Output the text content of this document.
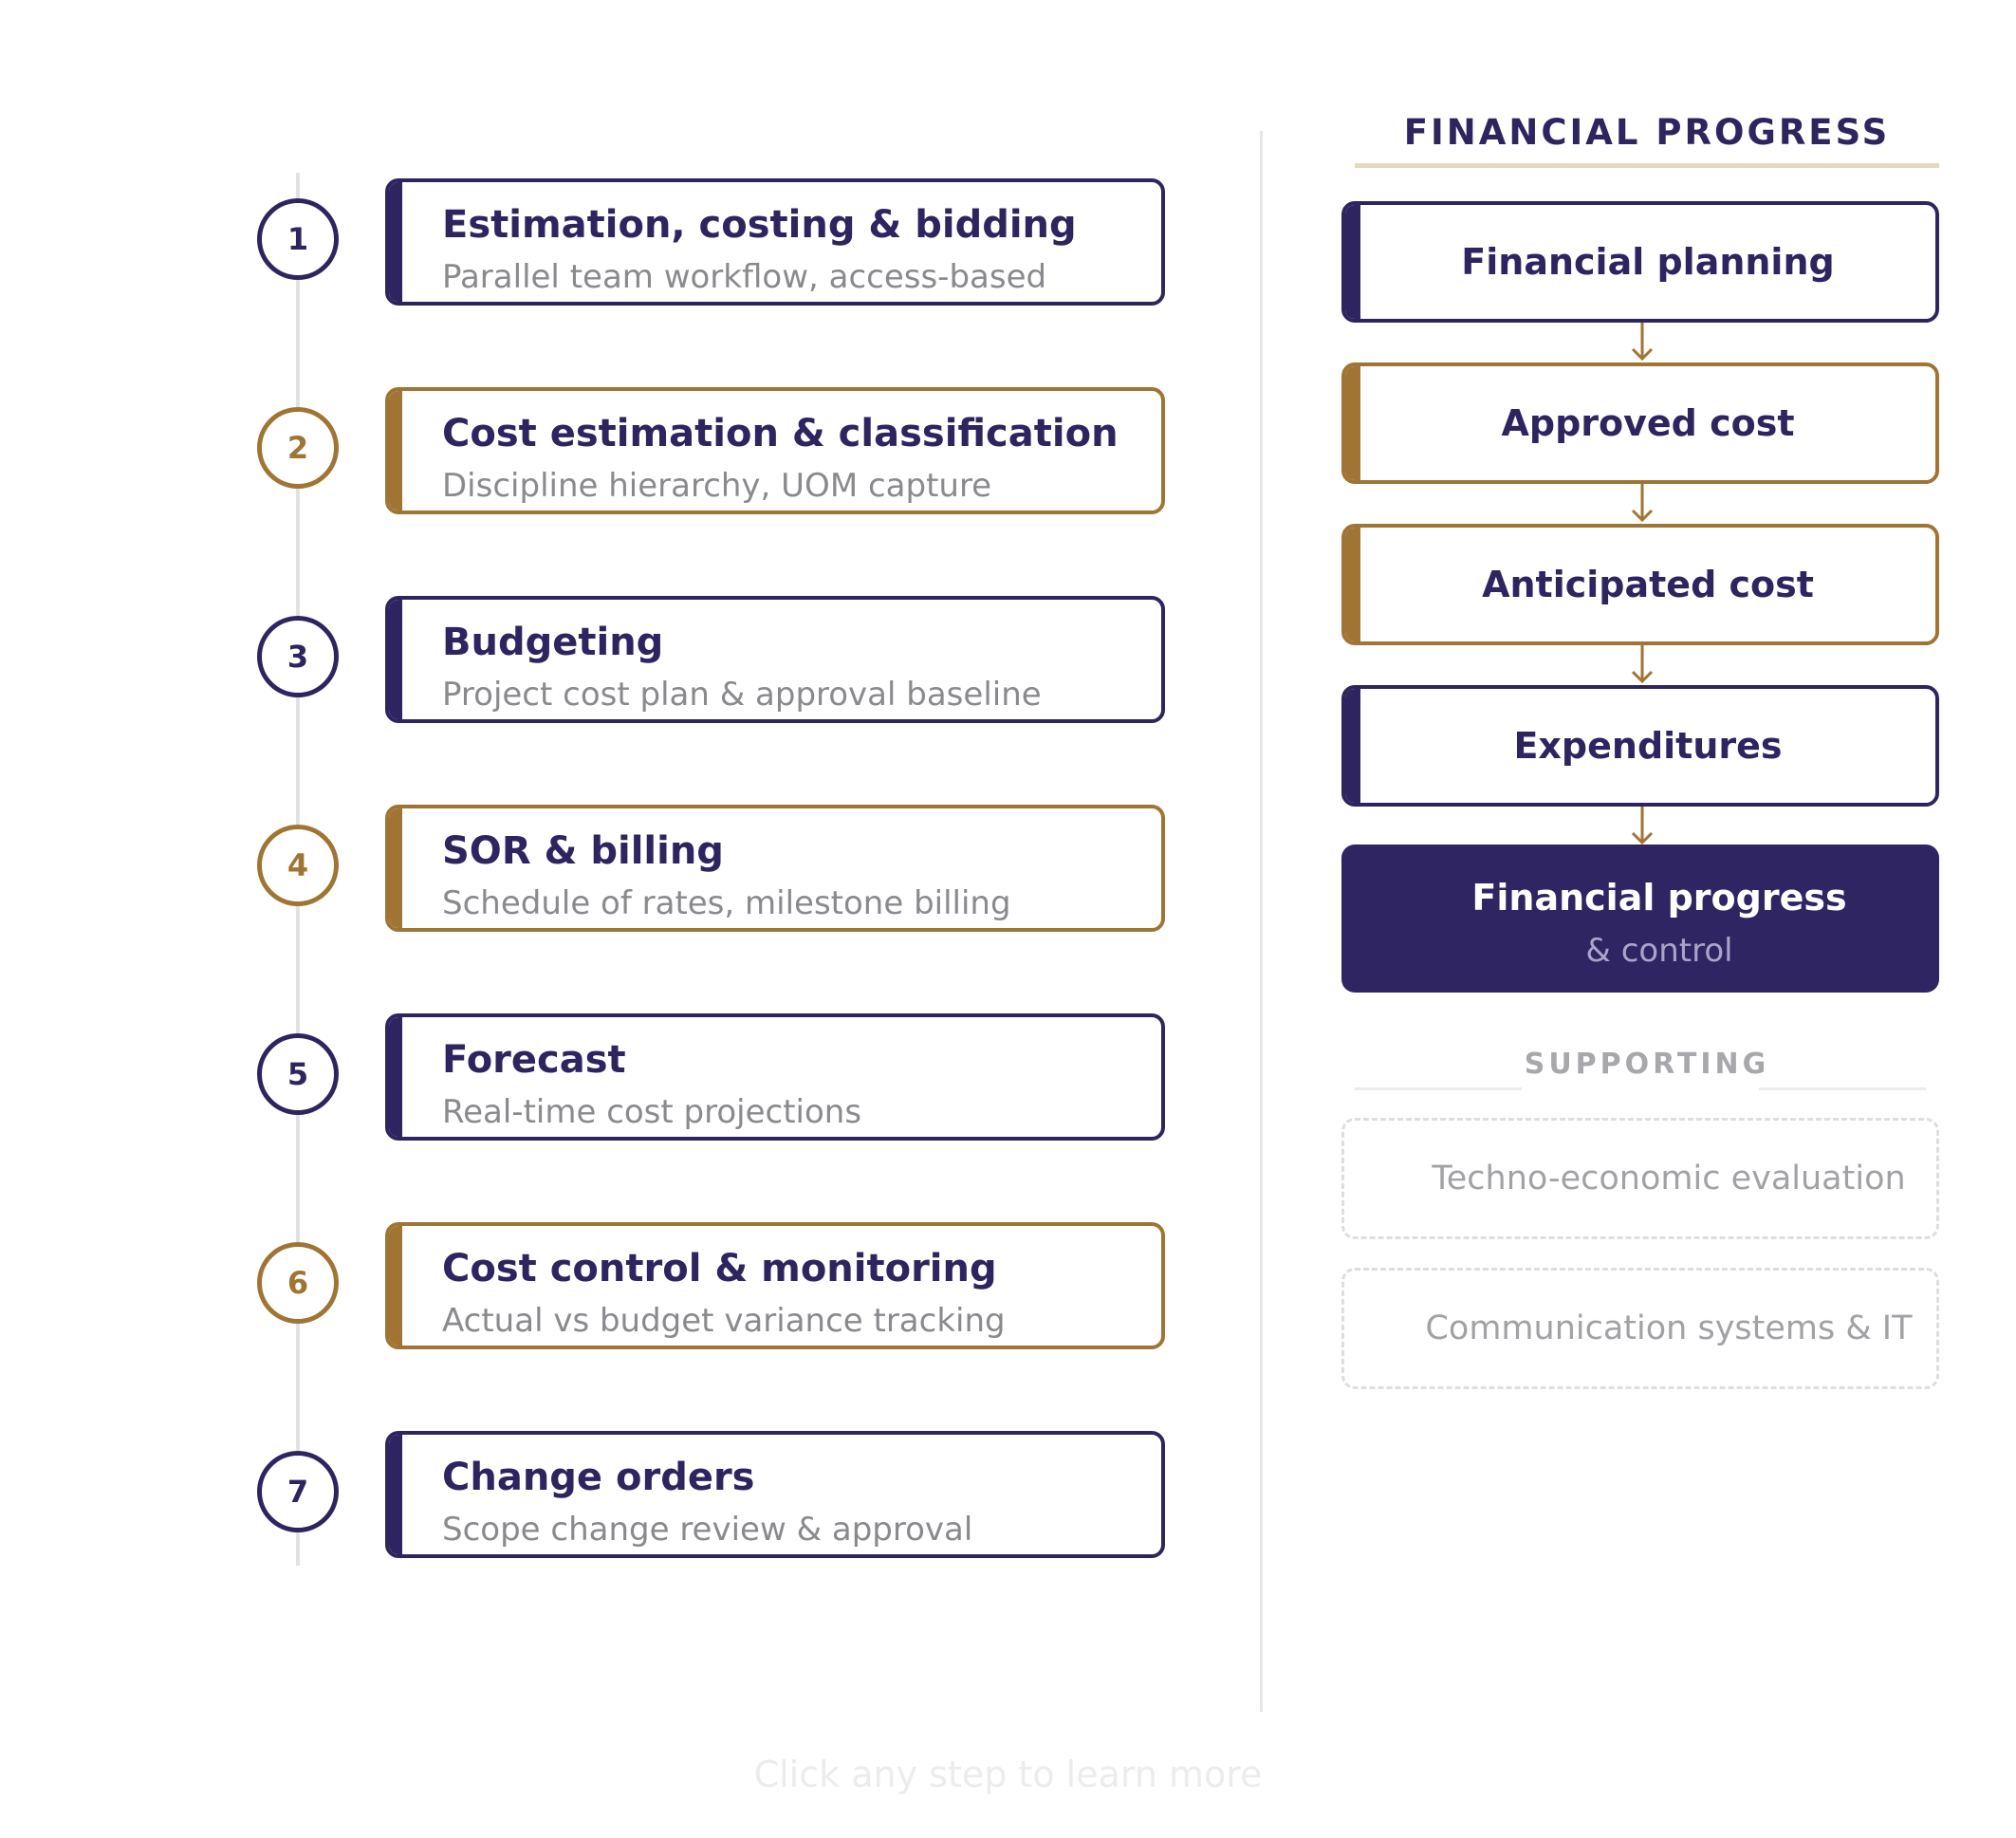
1	Estimation, costing & bidding
Parallel team workflow, access-based
2	Cost estimation & classification
Discipline hierarchy, UOM capture
3	Budgeting
Project cost plan & approval baseline
4	SOR & billing
Schedule of rates, milestone billing
5	Forecast
Real-time cost projections
6	Cost control & monitoring
Actual vs budget variance tracking
7	Change orders
Scope change review & approval
FINANCIAL PROGRESS
Financial planning
Approved cost
Anticipated cost
Expenditures
Financial progress
& control
SUPPORTING
Techno-economic evaluation
Communication systems & IT
Click any step to learn more
